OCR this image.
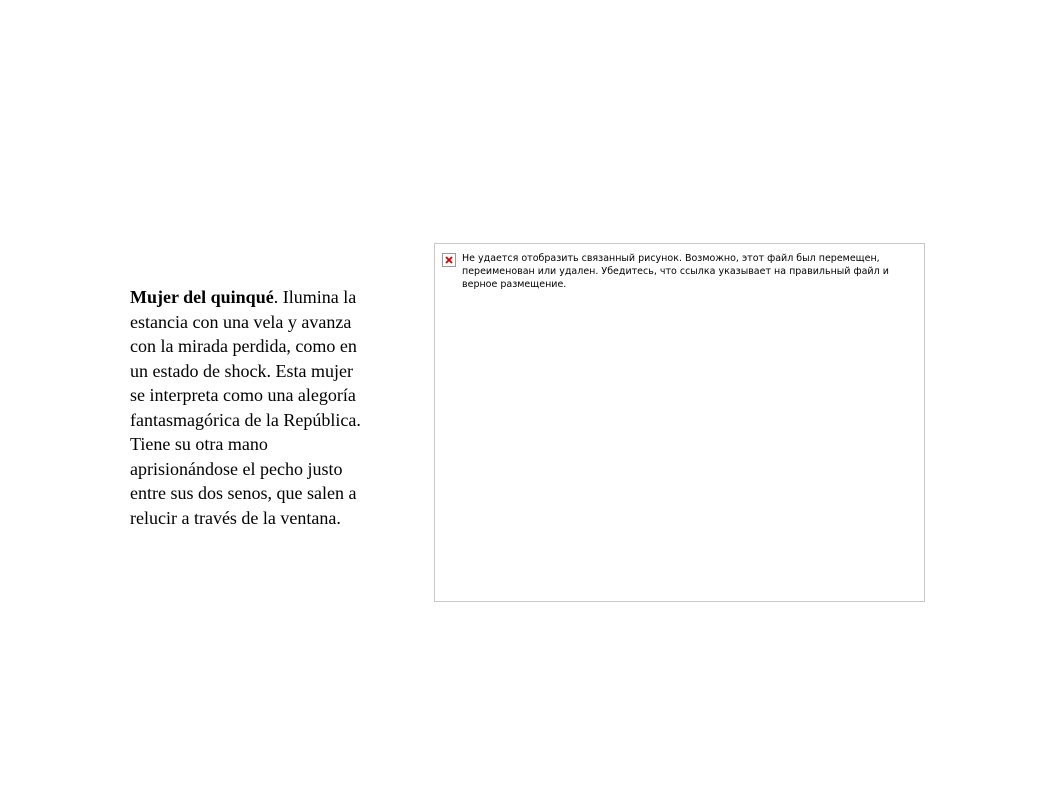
Mujer del quinqué. Ilumina la estancia con una vela y avanza con la mirada perdida, como en un estado de shock. Esta mujer se interpreta como una alegoría fantasmagórica de la República. Tiene su otra mano aprisionándose el pecho justo entre sus dos senos, que salen a relucir a través de la ventana.
Не удается отобразить связанный рисунок. Возможно, этот файл был перемещен, переименован или удален. Убедитесь, что ссылка указывает на правильный файл и верное размещение.
